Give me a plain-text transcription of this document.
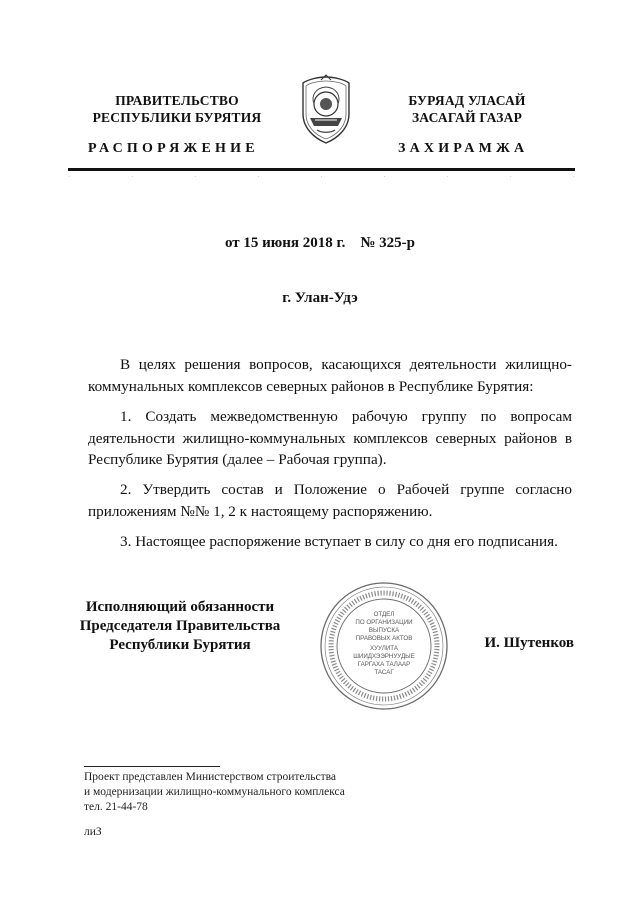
ПРАВИТЕЛЬСТВО
РЕСПУБЛИКИ БУРЯТИЯ
БУРЯАД УЛАСАЙ
ЗАСАГАЙ ГАЗАР
РАСПОРЯЖЕНИЕ	ЗАХИРАМЖА
·	·	·	·	·	·	·	·	·
от 15 июня 2018 г.    № 325-р
г. Улан-Удэ
В целях решения вопросов, касающихся деятельности жилищно-коммунальных комплексов северных районов в Республике Бурятия:
1. Создать межведомственную рабочую группу по вопросам деятельности жилищно-коммунальных комплексов северных районов в Республике Бурятия (далее – Рабочая группа).
2. Утвердить состав и Положение о Рабочей группе согласно приложениям №№ 1, 2 к настоящему распоряжению.
3. Настоящее распоряжение вступает в силу со дня его подписания.
Исполняющий обязанности
Председателя Правительства
Республики Бурятия
ОТДЕЛ
ПО ОРГАНИЗАЦИИ
ВЫПУСКА
ПРАВОВЫХ АКТОВ
ХУУЛИТА
ШИИДХЭЭРНУУДЫЕ
ГАРГАХА ТАЛААР
ТАСАГ
И. Шутенков
Проект представлен Министерством строительства
и модернизации жилищно-коммунального комплекса
тел. 21-44-78
лиЗ
